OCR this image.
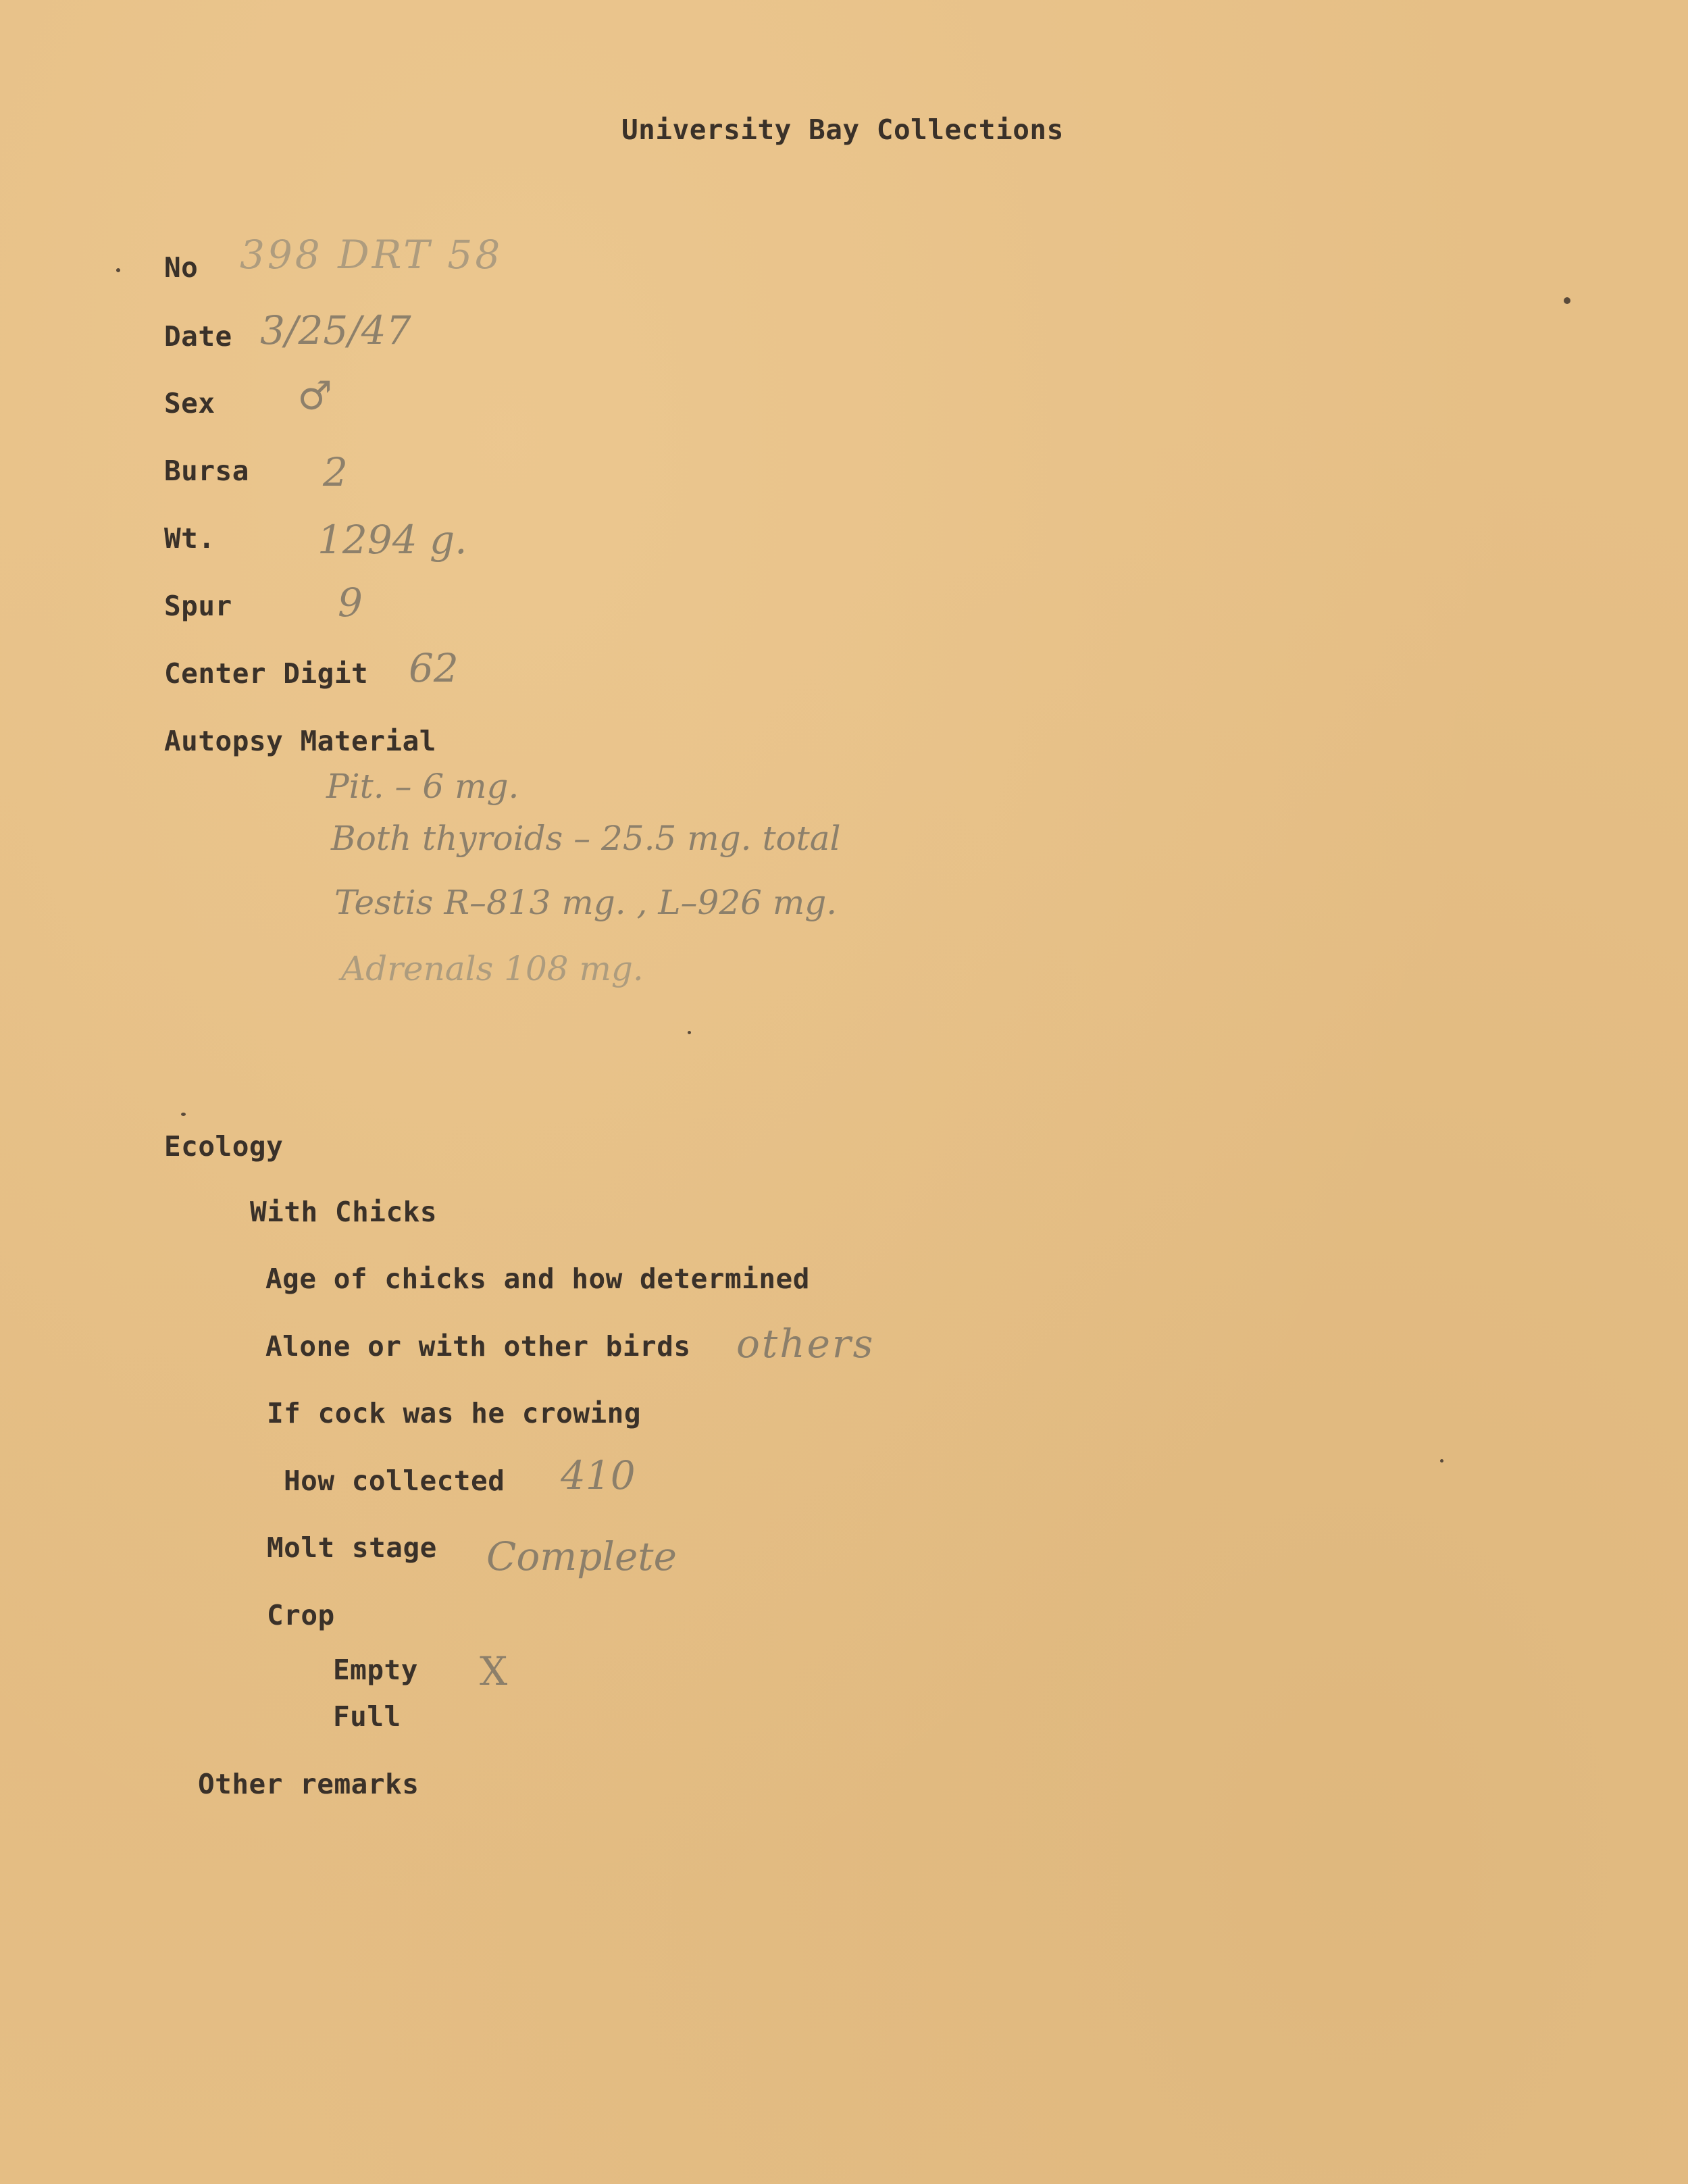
University Bay Collections
No 398 DRT 58
Date 3/25/47
Sex ♂
Bursa 2
Wt.	1294 g.
Spur	9
Center Digit 62
Autopsy Material
Pit. – 6 mg.
Both thyroids – 25.5 mg. total
Testis R–813 mg. , L–926 mg.
Adrenals 108 mg.
Ecology
With Chicks
Age of chicks and how determined
Alone or with other birds others
If cock was he crowing
How collected 410
Molt stage Complete
Crop
Empty X
Full
Other remarks
